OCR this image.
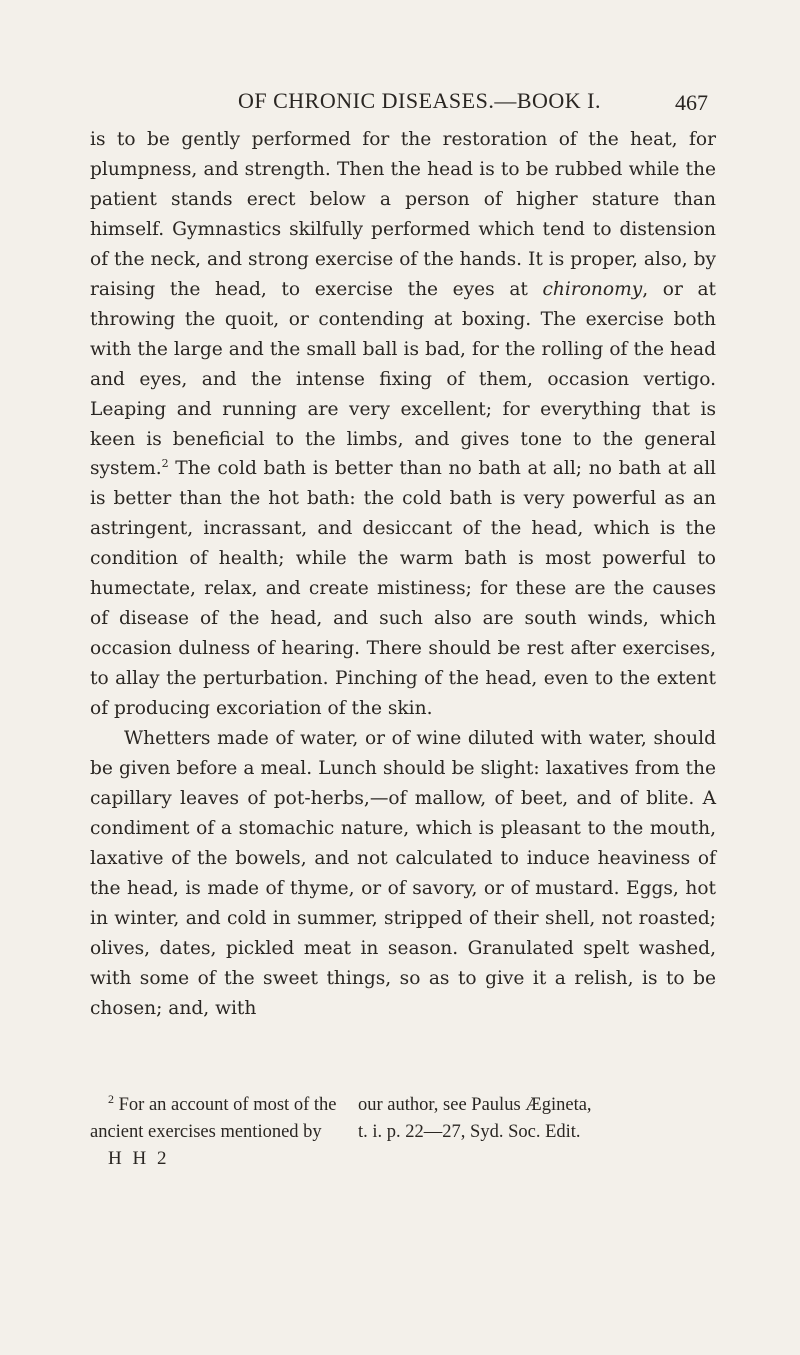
OF CHRONIC DISEASES.—BOOK I.	467

is to be gently performed for the restoration of the heat, for plumpness, and strength. Then the head is to be rubbed while the patient stands erect below a person of higher stature than himself. Gymnastics skilfully performed which tend to distension of the neck, and strong exercise of the hands. It is proper, also, by raising the head, to exercise the eyes at chironomy, or at throwing the quoit, or contending at boxing. The exercise both with the large and the small ball is bad, for the rolling of the head and eyes, and the intense fixing of them, occasion vertigo. Leaping and running are very excellent; for everything that is keen is beneficial to the limbs, and gives tone to the general system.$^2$ The cold bath is better than no bath at all; no bath at all is better than the hot bath: the cold bath is very powerful as an astringent, incrassant, and desiccant of the head, which is the condition of health; while the warm bath is most powerful to humectate, relax, and create mistiness; for these are the causes of disease of the head, and such also are south winds, which occasion dulness of hearing. There should be rest after exercises, to allay the perturbation. Pinching of the head, even to the extent of producing excoriation of the skin.

Whetters made of water, or of wine diluted with water, should be given before a meal. Lunch should be slight: laxatives from the capillary leaves of pot-herbs,—of mallow, of beet, and of blite. A condiment of a stomachic nature, which is pleasant to the mouth, laxative of the bowels, and not calculated to induce heaviness of the head, is made of thyme, or of savory, or of mustard. Eggs, hot in winter, and cold in summer, stripped of their shell, not roasted; olives, dates, pickled meat in season. Granulated spelt washed, with some of the sweet things, so as to give it a relish, is to be chosen; and, with

$^2$ For an account of most of the	our author, see Paulus Ægineta,
ancient exercises mentioned by	t. i. p. 22—27, Syd. Soc. Edit.
H H 2
